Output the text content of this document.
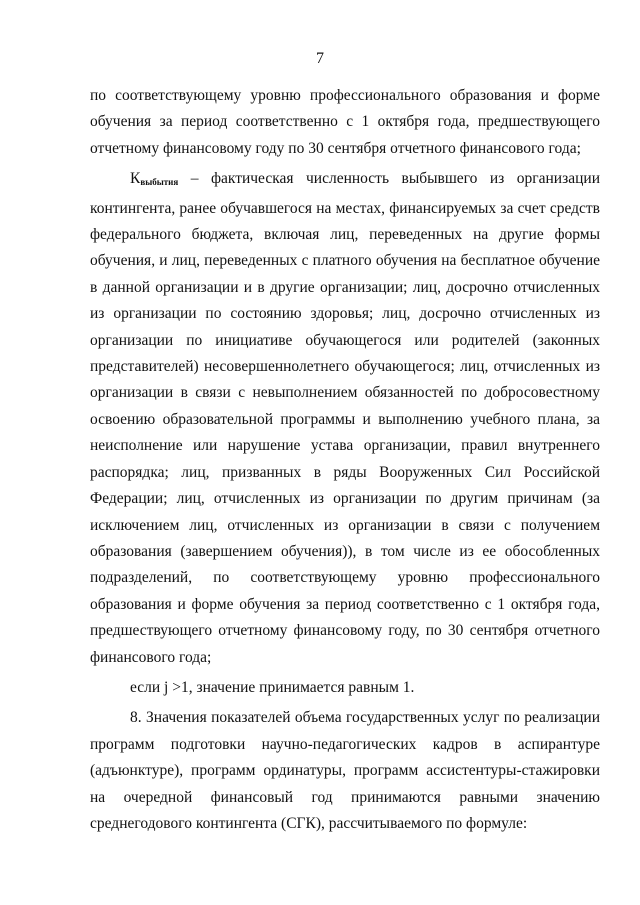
7

по соответствующему уровню профессионального образования и форме обучения за период соответственно с 1 октября года, предшествующего отчетному финансовому году по 30 сентября отчетного финансового года;

$К_{выбытия}$ – фактическая численность выбывшего из организации контингента, ранее обучавшегося на местах, финансируемых за счет средств федерального бюджета, включая лиц, переведенных на другие формы обучения, и лиц, переведенных с платного обучения на бесплатное обучение в данной организации и в другие организации; лиц, досрочно отчисленных из организации по состоянию здоровья; лиц, досрочно отчисленных из организации по инициативе обучающегося или родителей (законных представителей) несовершеннолетнего обучающегося; лиц, отчисленных из организации в связи с невыполнением обязанностей по добросовестному освоению образовательной программы и выполнению учебного плана, за неисполнение или нарушение устава организации, правил внутреннего распорядка; лиц, призванных в ряды Вооруженных Сил Российской Федерации; лиц, отчисленных из организации по другим причинам (за исключением лиц, отчисленных из организации в связи с получением образования (завершением обучения)), в том числе из ее обособленных подразделений, по соответствующему уровню профессионального образования и форме обучения за период соответственно с 1 октября года, предшествующего отчетному финансовому году, по 30 сентября отчетного финансового года;

если j >1, значение принимается равным 1.

8. Значения показателей объема государственных услуг по реализации программ подготовки научно-педагогических кадров в аспирантуре (адъюнктуре), программ ординатуры, программ ассистентуры-стажировки на очередной финансовый год принимаются равными значению среднегодового контингента (СГК), рассчитываемого по формуле:
